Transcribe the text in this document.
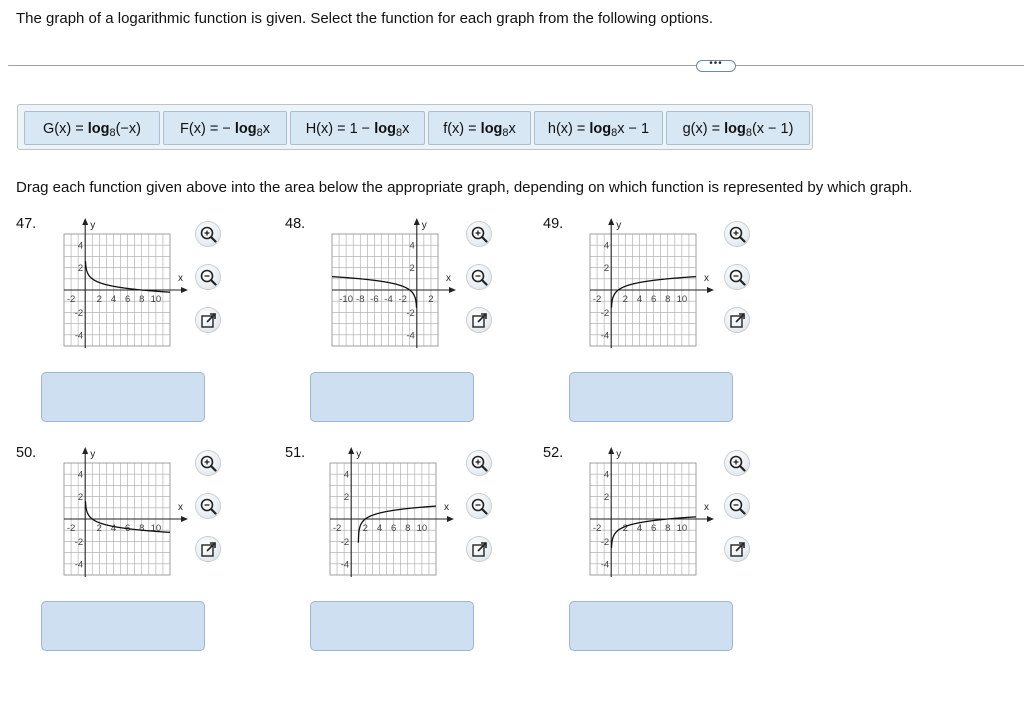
The graph of a logarithmic function is given. Select the function for each graph from the following options.
•••
$G(x) = \log_8(-x)$	F(x) = − $\log_8x$	$H(x) = 1 - \log_8x$	$f(x) = \log_8x$	$h(x) = \log_8x - 1$	$g(x) = \log_8(x - 1)$
Drag each function given above into the area below the appropriate graph, depending on which function is represented by which graph.
47.
x
y
-2 2 4 6 8 10
4
2
-2
-4
48.
x
y
-10 -8 -6 -4 -2 2
4
2
-2
-4
49.
x
y
-2 2 4 6 8 10
4
2
-2
-4
50.
x
y
-2 2 4 6 8 10
4
2
-2
-4
51.
x
y
-2 2 4 6 8 10
4
2
-2
-4
52.
x
y
-2 2 4 6 8 10
4
2
-2
-4
